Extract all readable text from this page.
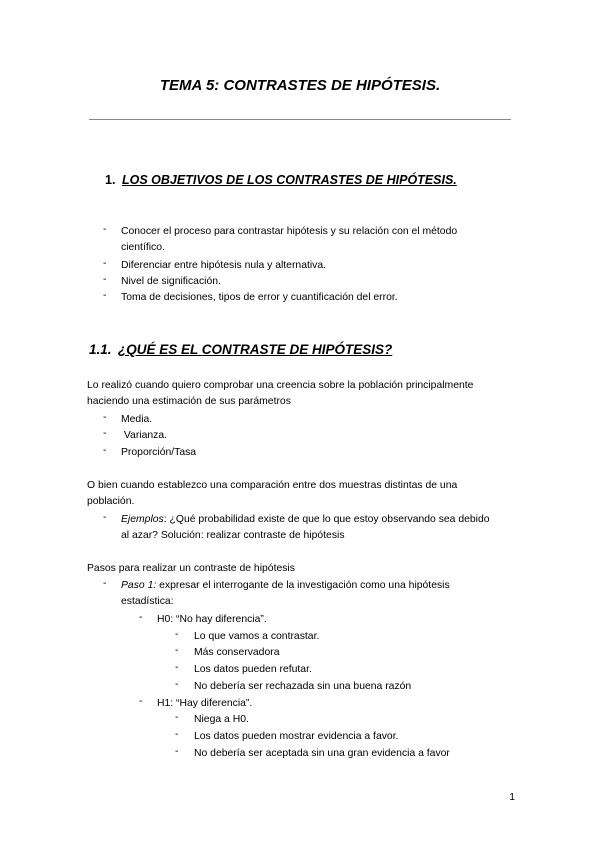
TEMA 5: CONTRASTES DE HIPÓTESIS.
1. LOS OBJETIVOS DE LOS CONTRASTES DE HIPÓTESIS.
- Conocer el proceso para contrastar hipótesis y su relación con el método
científico.
- Diferenciar entre hipótesis nula y alternativa.
- Nivel de significación.
- Toma de decisiones, tipos de error y cuantificación del error.
1.1. ¿QUÉ ES EL CONTRASTE DE HIPÓTESIS?
Lo realizó cuando quiero comprobar una creencia sobre la población principalmente
haciendo una estimación de sus parámetros
- Media.
- Varianza.
- Proporción/Tasa
O bien cuando establezco una comparación entre dos muestras distintas de una
población.
- Ejemplos: ¿Qué probabilidad existe de que lo que estoy observando sea debido
al azar? Solución: realizar contraste de hipótesis
Pasos para realizar un contraste de hipótesis
- Paso 1: expresar el interrogante de la investigación como una hipótesis
estadística:
- H0: “No hay diferencia”.
- Lo que vamos a contrastar.
- Más conservadora
- Los datos pueden refutar.
- No debería ser rechazada sin una buena razón
- H1: “Hay diferencia”.
- Niega a H0.
- Los datos pueden mostrar evidencia a favor.
- No debería ser aceptada sin una gran evidencia a favor
1
